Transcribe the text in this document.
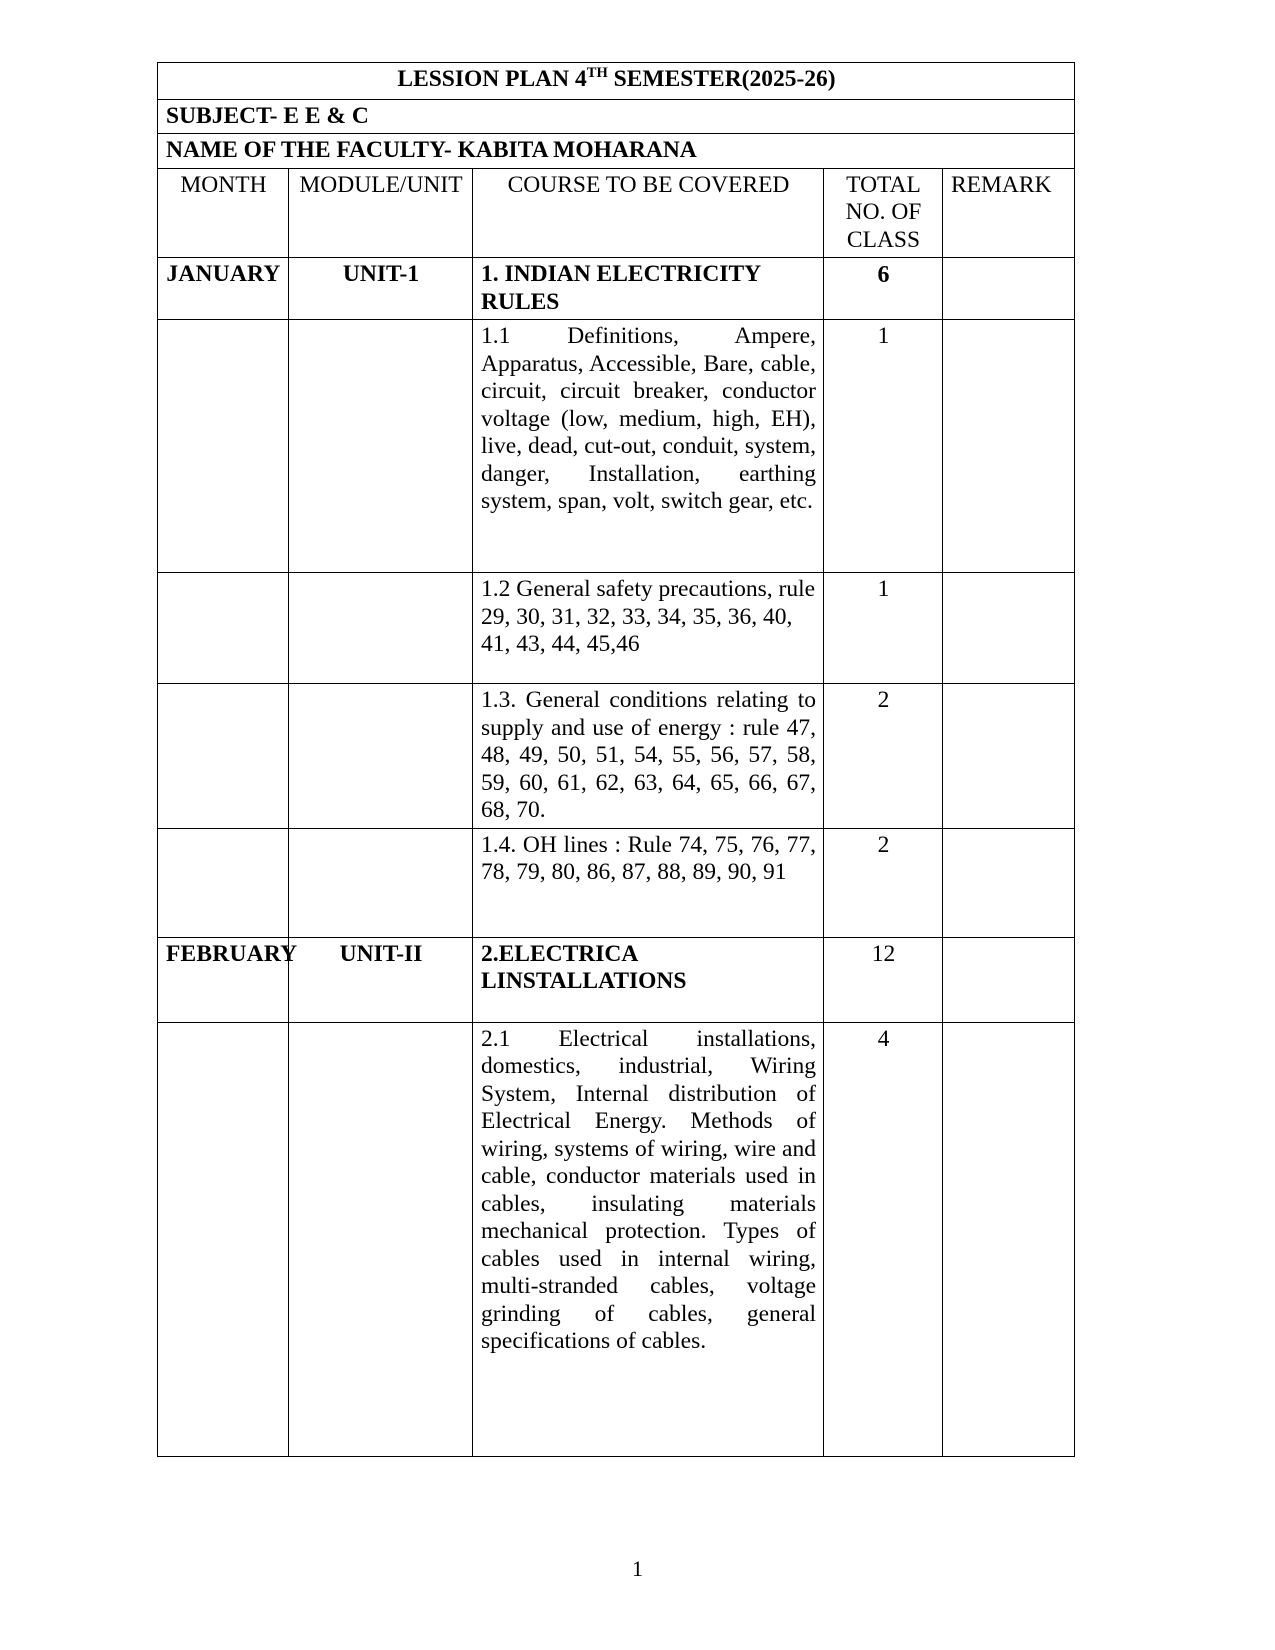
LESSION PLAN 4TH SEMESTER(2025-26)				
SUBJECT- E E & C				
NAME OF THE FACULTY- KABITA MOHARANA				
MONTH	MODULE/UNIT	COURSE TO BE COVERED	TOTAL NO. OF CLASS	REMARK
JANUARY	UNIT-1	1. INDIAN ELECTRICITY RULES	6	
		1.1 Definitions, Ampere, Apparatus, Accessible, Bare, cable, circuit, circuit breaker, conductor voltage (low, medium, high, EH), live, dead, cut-out, conduit, system, danger, Installation, earthing system, span, volt, switch gear, etc.	1	
		1.2 General safety precautions, rule 29, 30, 31, 32, 33, 34, 35, 36, 40, 41, 43, 44, 45,46	1	
		1.3. General conditions relating to supply and use of energy : rule 47, 48, 49, 50, 51, 54, 55, 56, 57, 58, 59, 60, 61, 62, 63, 64, 65, 66, 67, 68, 70.	2	
		1.4. OH lines : Rule 74, 75, 76, 77, 78, 79, 80, 86, 87, 88, 89, 90, 91	2	
FEBRUARY	UNIT-II	2.ELECTRICA LINSTALLATIONS	12	
		2.1 Electrical installations, domestics, industrial, Wiring System, Internal distribution of Electrical Energy. Methods of wiring, systems of wiring, wire and cable, conductor materials used in cables, insulating materials mechanical protection. Types of cables used in internal wiring, multi-stranded cables, voltage grinding of cables, general specifications of cables.	4	
1
